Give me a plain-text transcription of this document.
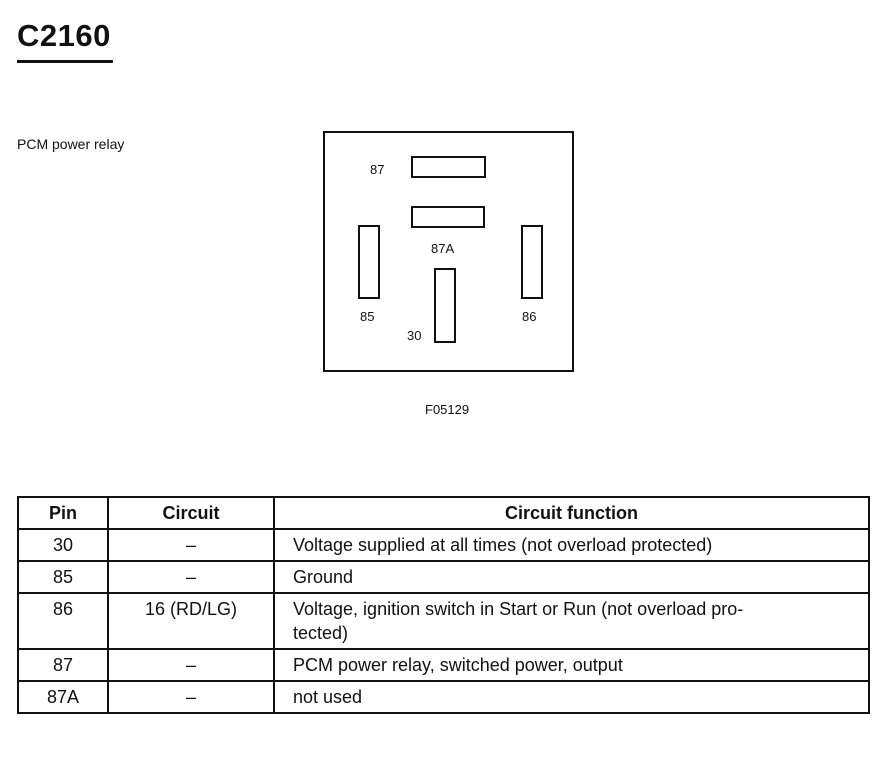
C2160
PCM power relay
87
87A
85	86
30
F05129
Pin	Circuit	Circuit function
30	–	Voltage supplied at all times (not overload protected)
85	–	Ground
86	16 (RD/LG)	Voltage, ignition switch in Start or Run (not overload pro-
tected)

87	–	PCM power relay, switched power, output
87A	–	not used
